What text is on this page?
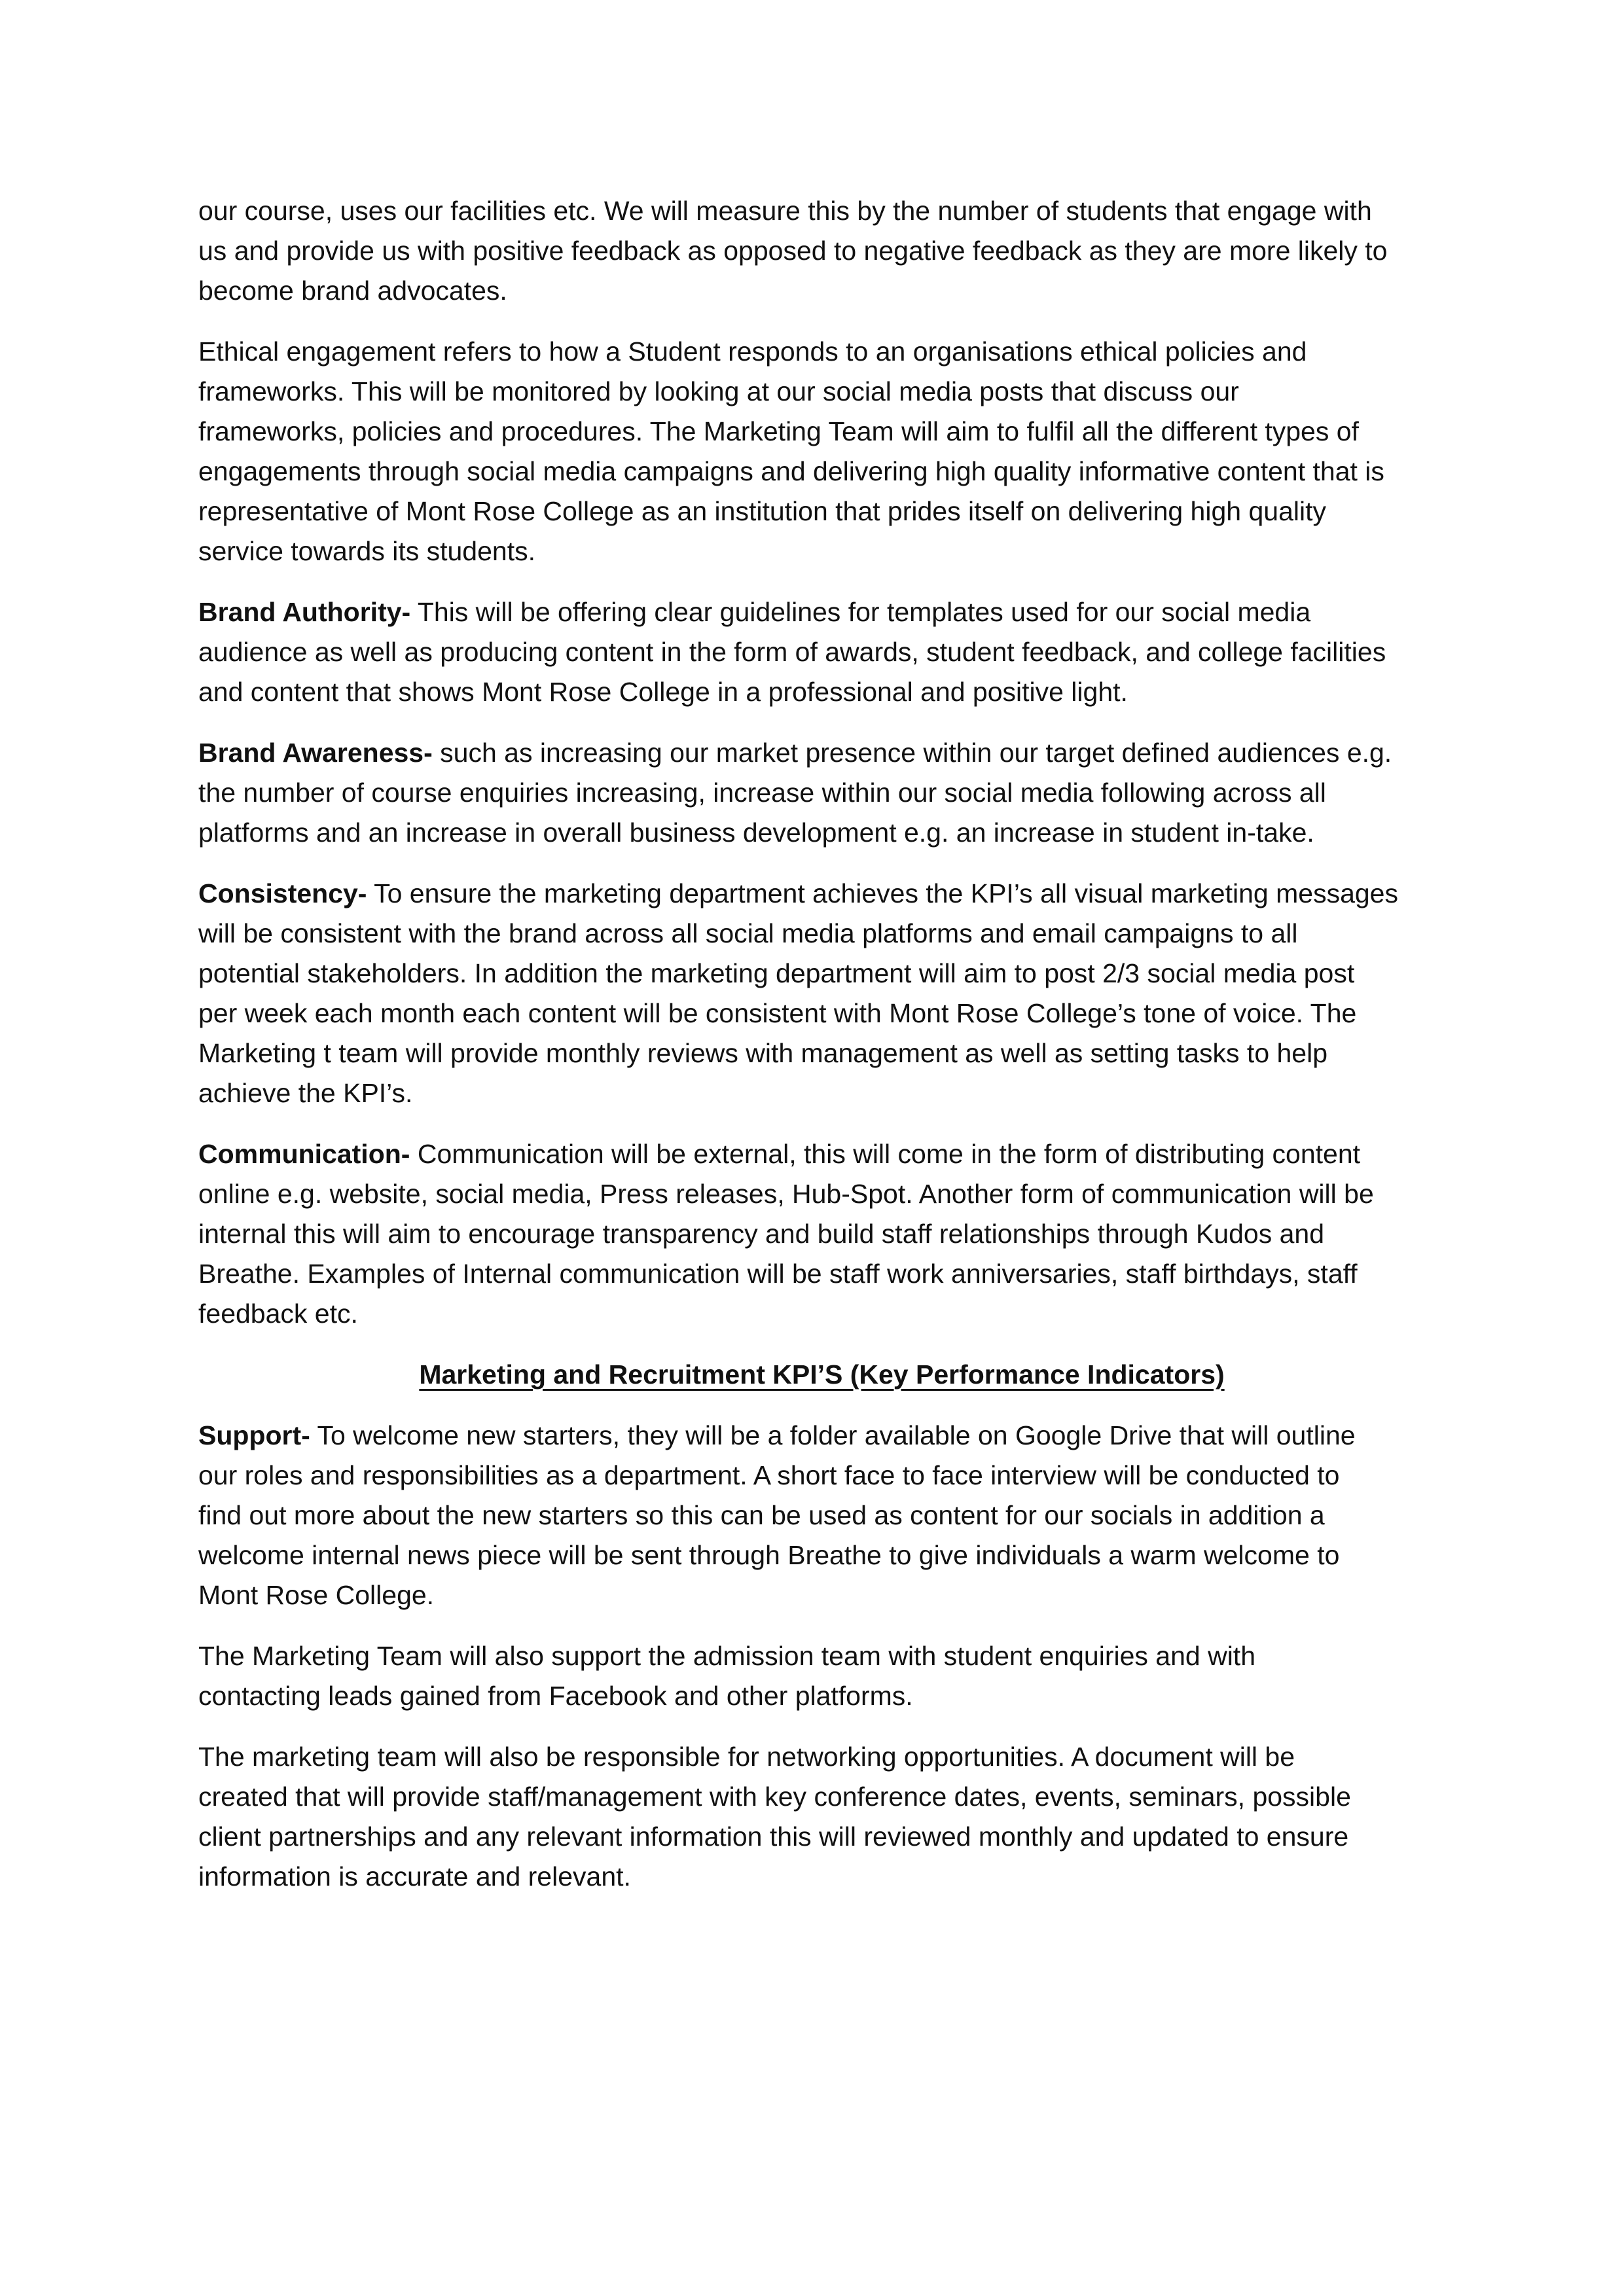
our course, uses our facilities etc. We will measure this by the number of students that engage with
us and provide us with positive feedback as opposed to negative feedback as they are more likely to
become brand advocates.

Ethical engagement refers to how a Student responds to an organisations ethical policies and
frameworks. This will be monitored by looking at our social media posts that discuss our
frameworks, policies and procedures. The Marketing Team will aim to fulfil all the different types of
engagements through social media campaigns and delivering high quality informative content that is
representative of Mont Rose College as an institution that prides itself on delivering high quality
service towards its students.

Brand Authority- This will be offering clear guidelines for templates used for our social media
audience as well as producing content in the form of awards, student feedback, and college facilities
and content that shows Mont Rose College in a professional and positive light.

Brand Awareness- such as increasing our market presence within our target defined audiences e.g.
the number of course enquiries increasing, increase within our social media following across all
platforms and an increase in overall business development e.g. an increase in student in-take.

Consistency- To ensure the marketing department achieves the KPI’s all visual marketing messages
will be consistent with the brand across all social media platforms and email campaigns to all
potential stakeholders. In addition the marketing department will aim to post 2/3 social media post
per week each month each content will be consistent with Mont Rose College’s tone of voice. The
Marketing t team will provide monthly reviews with management as well as setting tasks to help
achieve the KPI’s.

Communication- Communication will be external, this will come in the form of distributing content
online e.g. website, social media, Press releases, Hub-Spot. Another form of communication will be
internal this will aim to encourage transparency and build staff relationships through Kudos and
Breathe. Examples of Internal communication will be staff work anniversaries, staff birthdays, staff
feedback etc.

Marketing and Recruitment KPI’S (Key Performance Indicators)

Support- To welcome new starters, they will be a folder available on Google Drive that will outline
our roles and responsibilities as a department. A short face to face interview will be conducted to
find out more about the new starters so this can be used as content for our socials in addition a
welcome internal news piece will be sent through Breathe to give individuals a warm welcome to
Mont Rose College.

The Marketing Team will also support the admission team with student enquiries and with
contacting leads gained from Facebook and other platforms.

The marketing team will also be responsible for networking opportunities. A document will be
created that will provide staff/management with key conference dates, events, seminars, possible
client partnerships and any relevant information this will reviewed monthly and updated to ensure
information is accurate and relevant.
